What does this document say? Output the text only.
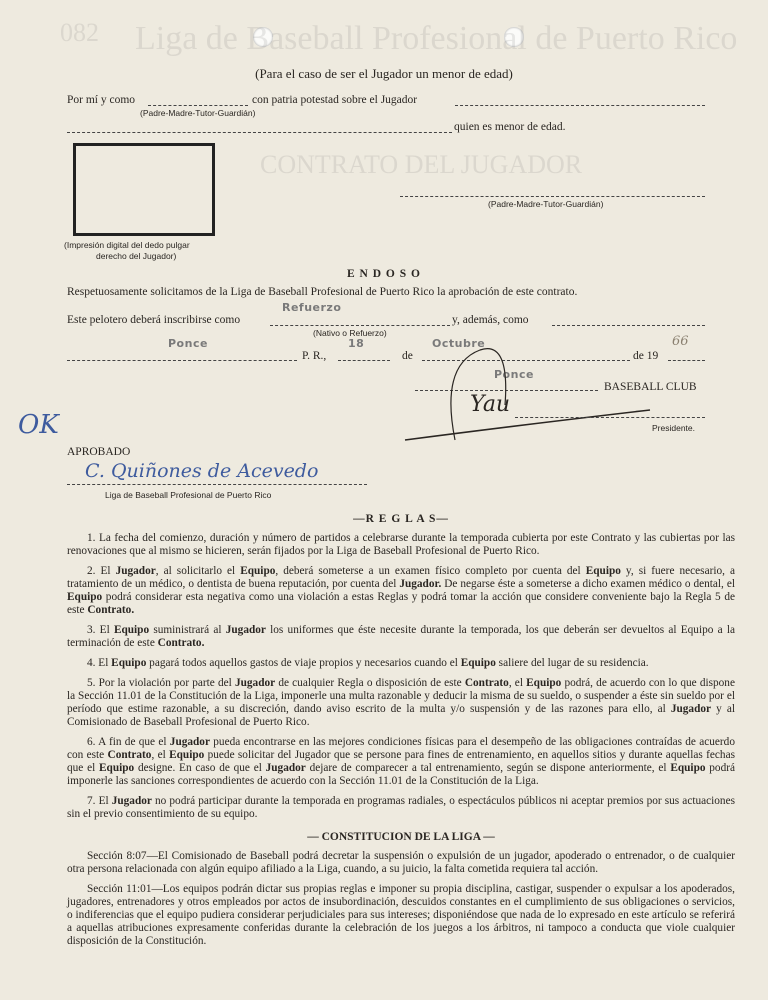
082 Liga de Baseball Profesional de Puerto Rico
CONTRATO DEL JUGADOR
(Para el caso de ser el Jugador un menor de edad)
Por mí y como	con patria potestad sobre el Jugador
(Padre-Madre-Tutor-Guardián)
quien es menor de edad.
(Padre-Madre-Tutor-Guardián)
(Impresión digital del dedo pulgar
derecho del Jugador)
E N D O S O
Respetuosamente solicitamos de la Liga de Baseball Profesional de Puerto Rico la aprobación de este contrato.
Refuerzo
Este pelotero deberá inscribirse como	y, además, como
(Nativo o Refuerzo)
Ponce	18	Octubre
P. R.,	de	de 19
66
Ponce
BASEBALL CLUB
Yau
Presidente.
OK
APROBADO
C. Quiñones de Acevedo
Liga de Baseball Profesional de Puerto Rico
—R E G L A S—

1. La fecha del comienzo, duración y número de partidos a celebrarse durante la temporada cubierta por este Contrato y las cubiertas por las renovaciones que al mismo se hicieren, serán fijados por la Liga de Baseball Profesional de Puerto Rico.

2. El Jugador, al solicitarlo el Equipo, deberá someterse a un examen físico completo por cuenta del Equipo y, si fuere necesario, a tratamiento de un médico, o dentista de buena reputación, por cuenta del Jugador. De negarse éste a someterse a dicho examen médico o dental, el Equipo podrá considerar esta negativa como una violación a estas Reglas y podrá tomar la acción que considere conveniente bajo la Regla 5 de este Contrato.

3. El Equipo suministrará al Jugador los uniformes que éste necesite durante la temporada, los que deberán ser devueltos al Equipo a la terminación de este Contrato.

4. El Equipo pagará todos aquellos gastos de viaje propios y necesarios cuando el Equipo saliere del lugar de su residencia.

5. Por la violación por parte del Jugador de cualquier Regla o disposición de este Contrato, el Equipo podrá, de acuerdo con lo que dispone la Sección 11.01 de la Constitución de la Liga, imponerle una multa razonable y deducir la misma de su sueldo, o suspender a éste sin sueldo por el período que estime razonable, a su discreción, dando aviso escrito de la multa y/o suspensión y de las razones para ello, al Jugador y al Comisionado de Baseball Profesional de Puerto Rico.

6. A fin de que el Jugador pueda encontrarse en las mejores condiciones físicas para el desempeño de las obligaciones contraídas de acuerdo con este Contrato, el Equipo puede solicitar del Jugador que se persone para fines de entrenamiento, en aquellos sitios y durante aquellas fechas que el Equipo designe. En caso de que el Jugador dejare de comparecer a tal entrenamiento, según se dispone anteriormente, el Equipo podrá imponerle las sanciones correspondientes de acuerdo con la Sección 11.01 de la Constitución de la Liga.

7. El Jugador no podrá participar durante la temporada en programas radiales, o espectáculos públicos ni aceptar premios por sus actuaciones sin el previo consentimiento de su equipo.

— CONSTITUCION DE LA LIGA —

Sección 8:07—El Comisionado de Baseball podrá decretar la suspensión o expulsión de un jugador, apoderado o entrenador, o de cualquier otra persona relacionada con algún equipo afiliado a la Liga, cuando, a su juicio, la falta cometida requiera tal acción.

Sección 11:01—Los equipos podrán dictar sus propias reglas e imponer su propia disciplina, castigar, suspender o expulsar a los apoderados, jugadores, entrenadores y otros empleados por actos de insubordinación, descuidos constantes en el cumplimiento de sus obligaciones o servicios, o indiferencias que el equipo pudiera considerar perjudiciales para sus intereses; disponiéndose que nada de lo expresado en este artículo se referirá a aquellas atribuciones expresamente conferidas durante la celebración de los juegos a los árbitros, ni tampoco a conducta que viole cualquier disposición de la Constitución.
